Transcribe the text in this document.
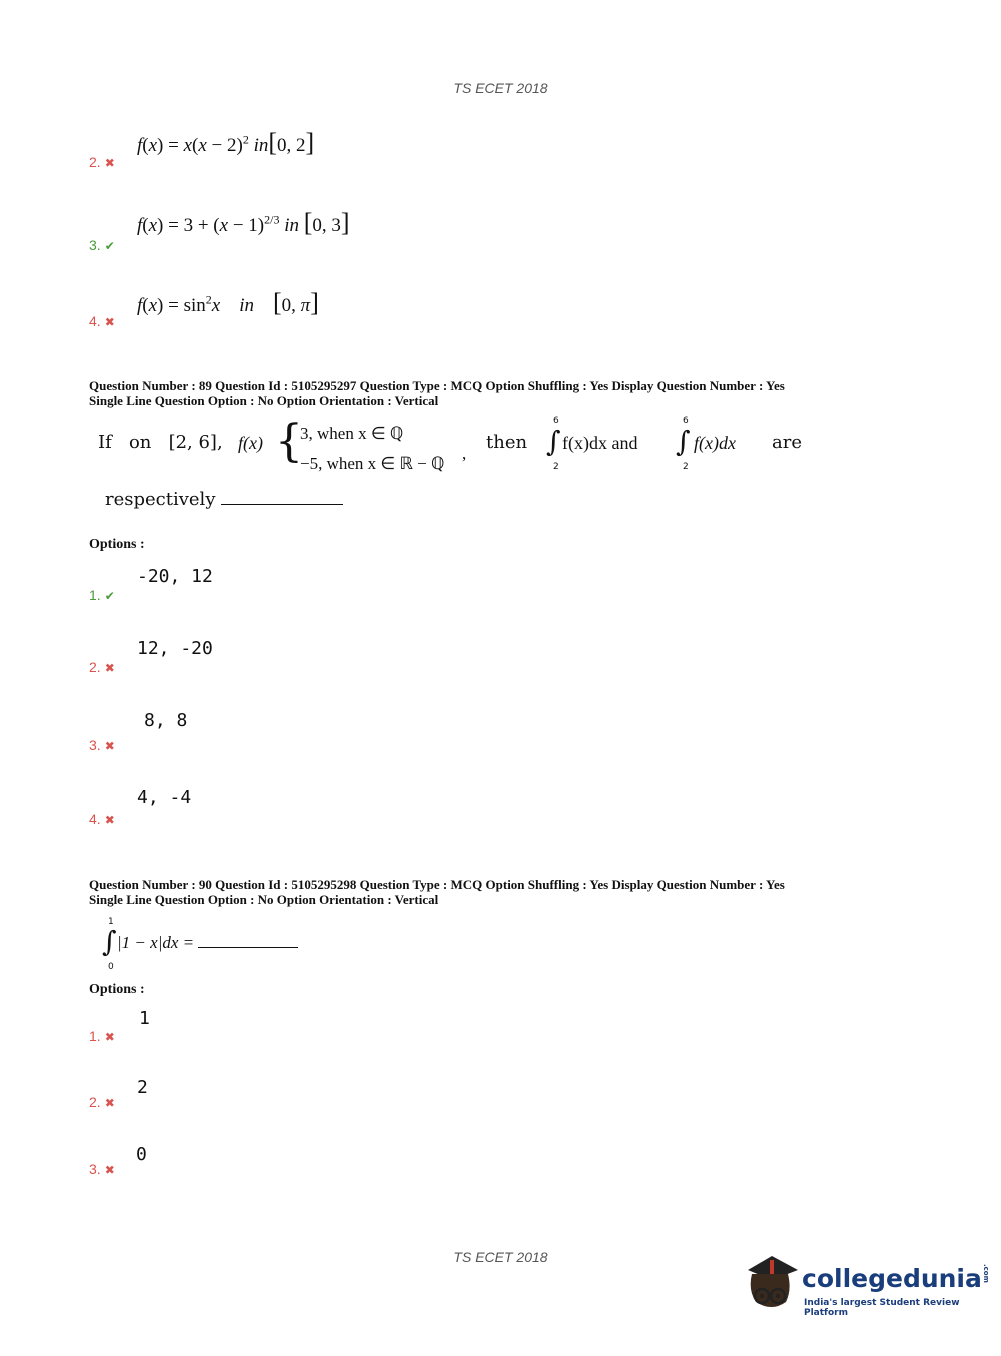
TS ECET 2018
2. ✖
$f(x) = x(x - 2)^2$ in[0, 2]
3. ✔
$f(x) = 3 + (x - 1)^{2/3}$ in [0, 3]
4. ✖
$f(x) = \sin^2x$ in [0, π]
Question Number : 89 Question Id : 5105295297 Question Type : MCQ Option Shuffling : Yes Display Question Number : Yes
Single Line Question Option : No Option Orientation : Vertical
If on [2, 6], f(x) {
3, when x ∈ ℚ
−5, when x ∈ ℝ − ℚ
,
then
6
∫
2
f(x)dx and
6
∫
2
f(x)dx are
respectively
Options :
1. ✔
-20, 12
2. ✖
12, -20
3. ✖
8, 8
4. ✖
4, -4
Question Number : 90 Question Id : 5105295298 Question Type : MCQ Option Shuffling : Yes Display Question Number : Yes
Single Line Question Option : No Option Orientation : Vertical
1
∫
0
|1 − x|dx =
Options :
1. ✖
1
2. ✖
2
3. ✖
0
TS ECET 2018
collegedunia.com
India's largest Student Review Platform
